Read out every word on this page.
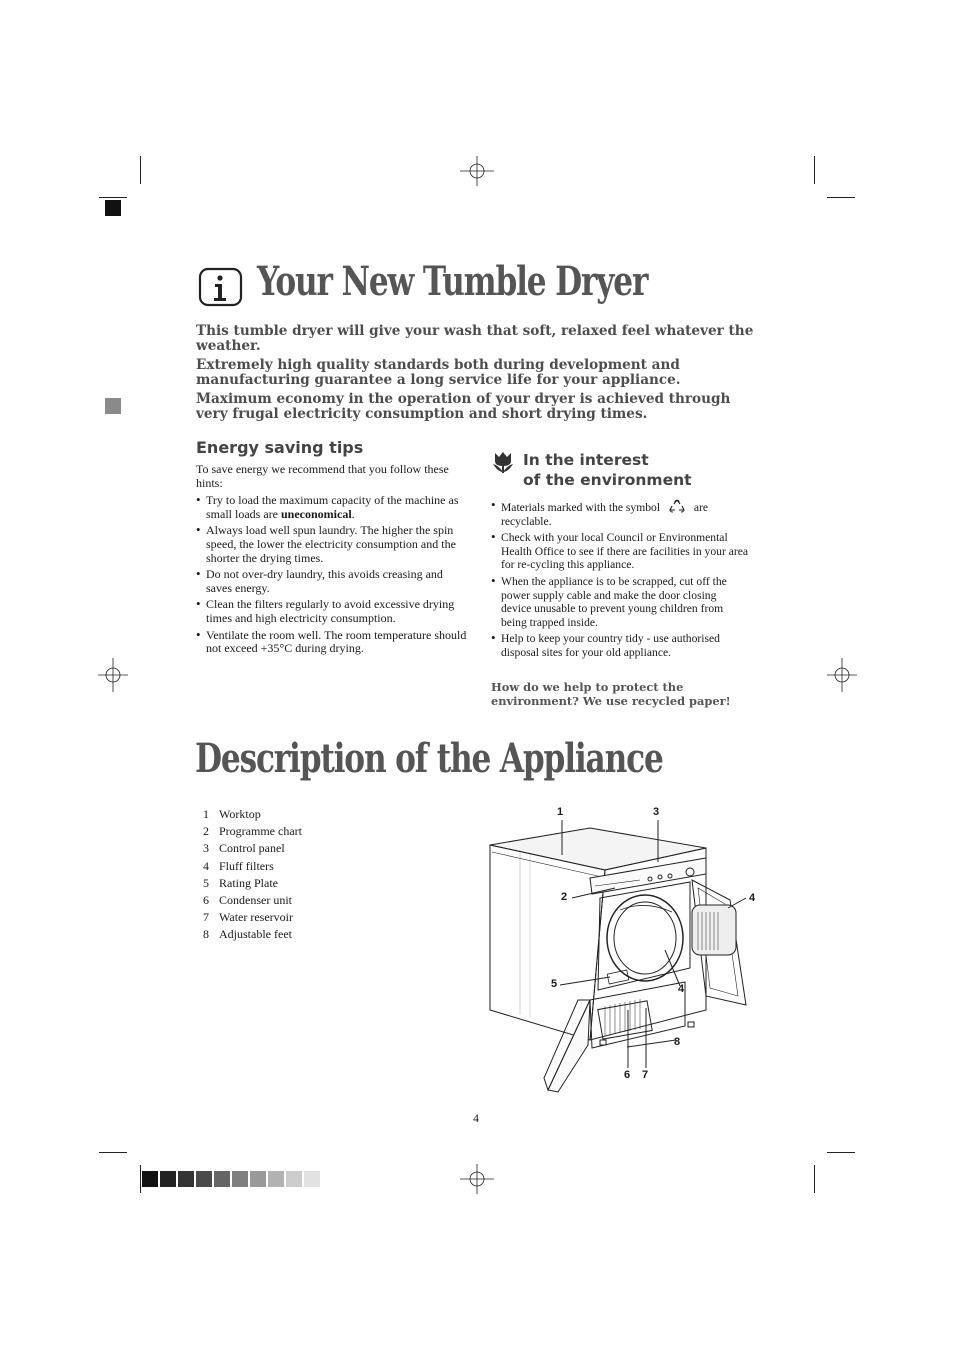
Your New Tumble Dryer

This tumble dryer will give your wash that soft, relaxed feel whatever the weather.

Extremely high quality standards both during development and manufacturing guarantee a long service life for your appliance.

Maximum economy in the operation of your dryer is achieved through very frugal electricity consumption and short drying times.

Energy saving tips
To save energy we recommend that you follow these hints:
• Try to load the maximum capacity of the machine as small loads are uneconomical.
• Always load well spun laundry. The higher the spin speed, the lower the electricity consumption and the shorter the drying times.
• Do not over-dry laundry, this avoids creasing and saves energy.
• Clean the filters regularly to avoid excessive drying times and high electricity consumption.
• Ventilate the room well. The room temperature should not exceed +35°C during drying.
In the interest
of the environment
• Materials marked with the symbol	are recyclable.
• Check with your local Council or Environmental Health Office to see if there are facilities in your area for re-cycling this appliance.
• When the appliance is to be scrapped, cut off the power supply cable and make the door closing device unusable to prevent young children from being trapped inside.
• Help to keep your country tidy - use authorised disposal sites for your old appliance.
How do we help to protect the
environment? We use recycled paper!
Description of the Appliance
1 Worktop
2 Programme chart
3 Control panel
4 Fluff filters
5 Rating Plate
6 Condenser unit
7 Water reservoir
8 Adjustable feet
1	3
2	4
5	4
8
6 7
4
